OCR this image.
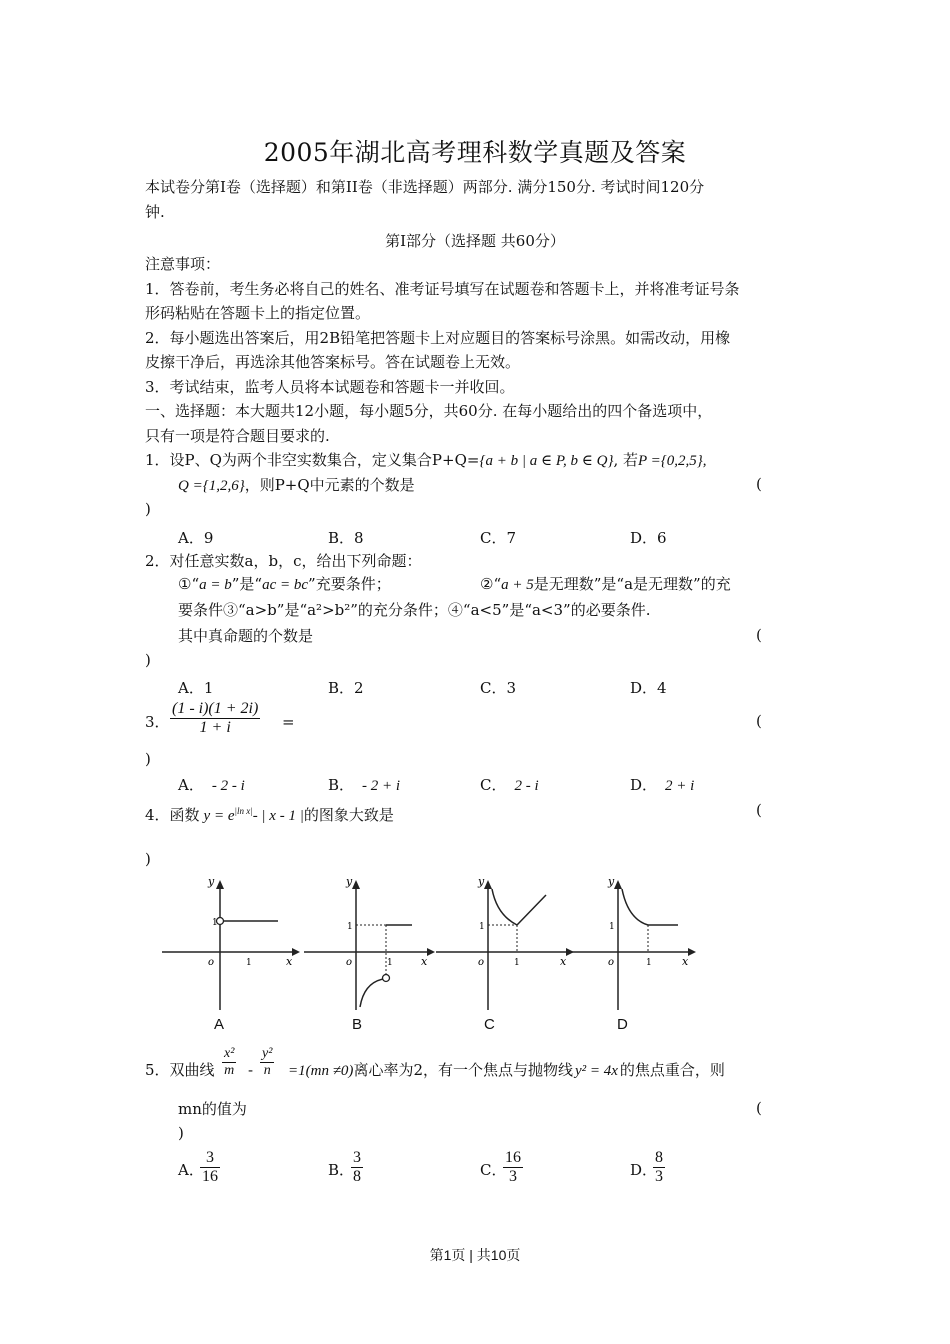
2005年湖北高考理科数学真题及答案
本试卷分第I卷（选择题）和第II卷（非选择题）两部分. 满分150分. 考试时间120分
钟.
第I部分（选择题 共60分）
注意事项：
1．答卷前，考生务必将自己的姓名、准考证号填写在试题卷和答题卡上，并将准考证号条
形码粘贴在答题卡上的指定位置。
2．每小题选出答案后，用2B铅笔把答题卡上对应题目的答案标号涂黑。如需改动，用橡
皮擦干净后，再选涂其他答案标号。答在试题卷上无效。
3．考试结束，监考人员将本试题卷和答题卡一并收回。
一、选择题：本大题共12小题，每小题5分，共60分. 在每小题给出的四个备选项中，
只有一项是符合题目要求的.
1．设P、Q为两个非空实数集合，定义集合P+Q={a + b | a ∈ P, b ∈ Q}, 若P ={0,2,5},
Q ={1,2,6}，则P+Q中元素的个数是	(
)
A．9	B．8	C．7	D．6
2．对任意实数a，b，c，给出下列命题：
①“a = b”是“ac = bc”充要条件；	②“a + 5是无理数”是“a是无理数”的充
要条件③“a>b”是“a²>b²”的充分条件；④“a<5”是“a<3”的必要条件.
其中真命题的个数是	(
)
A．1	B．2	C．3	D．4
3． $\frac{(1 - i)(1 + 2i)}{1 + i}$ =	(
)
A． - 2 - i	B． - 2 + i	C． 2 - i	D． 2 + i
4．函数 $y = e^{|ln x|}-$ | x - 1 |的图象大致是	(
)
y
x
o
1
1
y
x
o
1
1
y
x
o
1
1
y
x
o
1
1
A	B	C	D
5．双曲线 $\frac{\text{x²}}{m} - \frac{\text{y²}}{n} =1(mn \ne 0)$离心率为2，有一个焦点与抛物线 y² = 4x 的焦点重合，则
mn的值为	(
)
A．
$\frac{3}{16}$	B．
$\frac{3}{8}$	C．
$\frac{16}{3}$	D．
$\frac{8}{3}$
第1页 | 共10页
